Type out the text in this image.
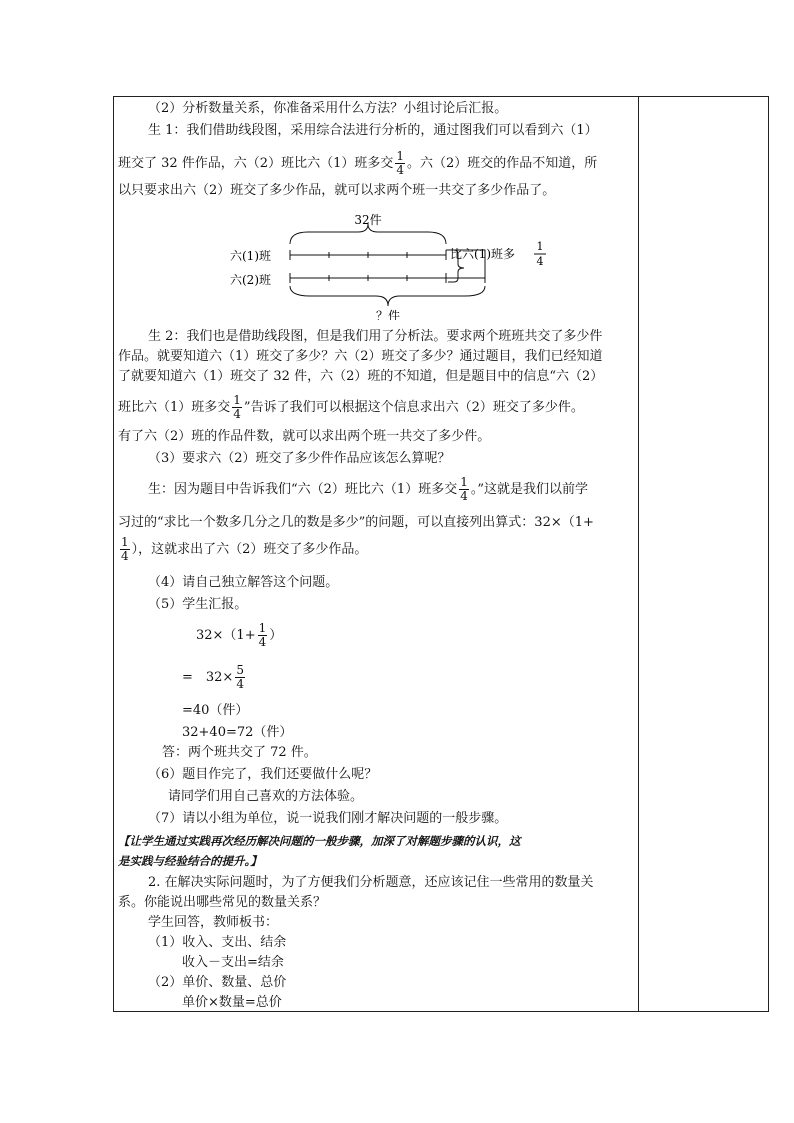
（2）分析数量关系，你准备采用什么方法？小组讨论后汇报。
生 1：我们借助线段图，采用综合法进行分析的，通过图我们可以看到六（1）
班交了 32 件作品，六（2）班比六（1）班多交 $\frac{1}{4}$ 。六（2）班交的作品不知道，所
以只要求出六（2）班交了多少作品，就可以求两个班一共交了多少作品了。
32件
六(1)班
六(2)班
比六(1)班多
1
4
？件
生 2：我们也是借助线段图，但是我们用了分析法。要求两个班班共交了多少件
作品。就要知道六（1）班交了多少？六（2）班交了多少？通过题目，我们已经知道
了就要知道六（1）班交了 32 件，六（2）班的不知道，但是题目中的信息“六（2）
班比六（1）班多交 $\frac{1}{4}$ ”告诉了我们可以根据这个信息求出六（2）班交了多少件。
有了六（2）班的作品件数，就可以求出两个班一共交了多少件。
（3）要求六（2）班交了多少件作品应该怎么算呢？
生：因为题目中告诉我们“六（2）班比六（1）班多交 $\frac{1}{4}$ 。”这就是我们以前学
习过的“求比一个数多几分之几的数是多少”的问题，可以直接列出算式：32×（1+
$\frac{1}{4}$ ），这就求出了六（2）班交了多少作品。
（4）请自己独立解答这个问题。
（5）学生汇报。
$32\times(1+ \frac{1}{4}$ ）
=　$32\times \frac{5}{4}$
=40（件）
32+40=72（件）
答：两个班共交了 72 件。
（6）题目作完了，我们还要做什么呢？
请同学们用自己喜欢的方法体验。
（7）请以小组为单位，说一说我们刚才解决问题的一般步骤。
【让学生通过实践再次经历解决问题的一般步骤，加深了对解题步骤的认识，这
是实践与经验结合的提升。】
2. 在解决实际问题时，为了方便我们分析题意，还应该记住一些常用的数量关
系。你能说出哪些常见的数量关系？
学生回答，教师板书：
（1）收入、支出、结余
收入－支出=结余
（2）单价、数量、总价
单价×数量=总价
